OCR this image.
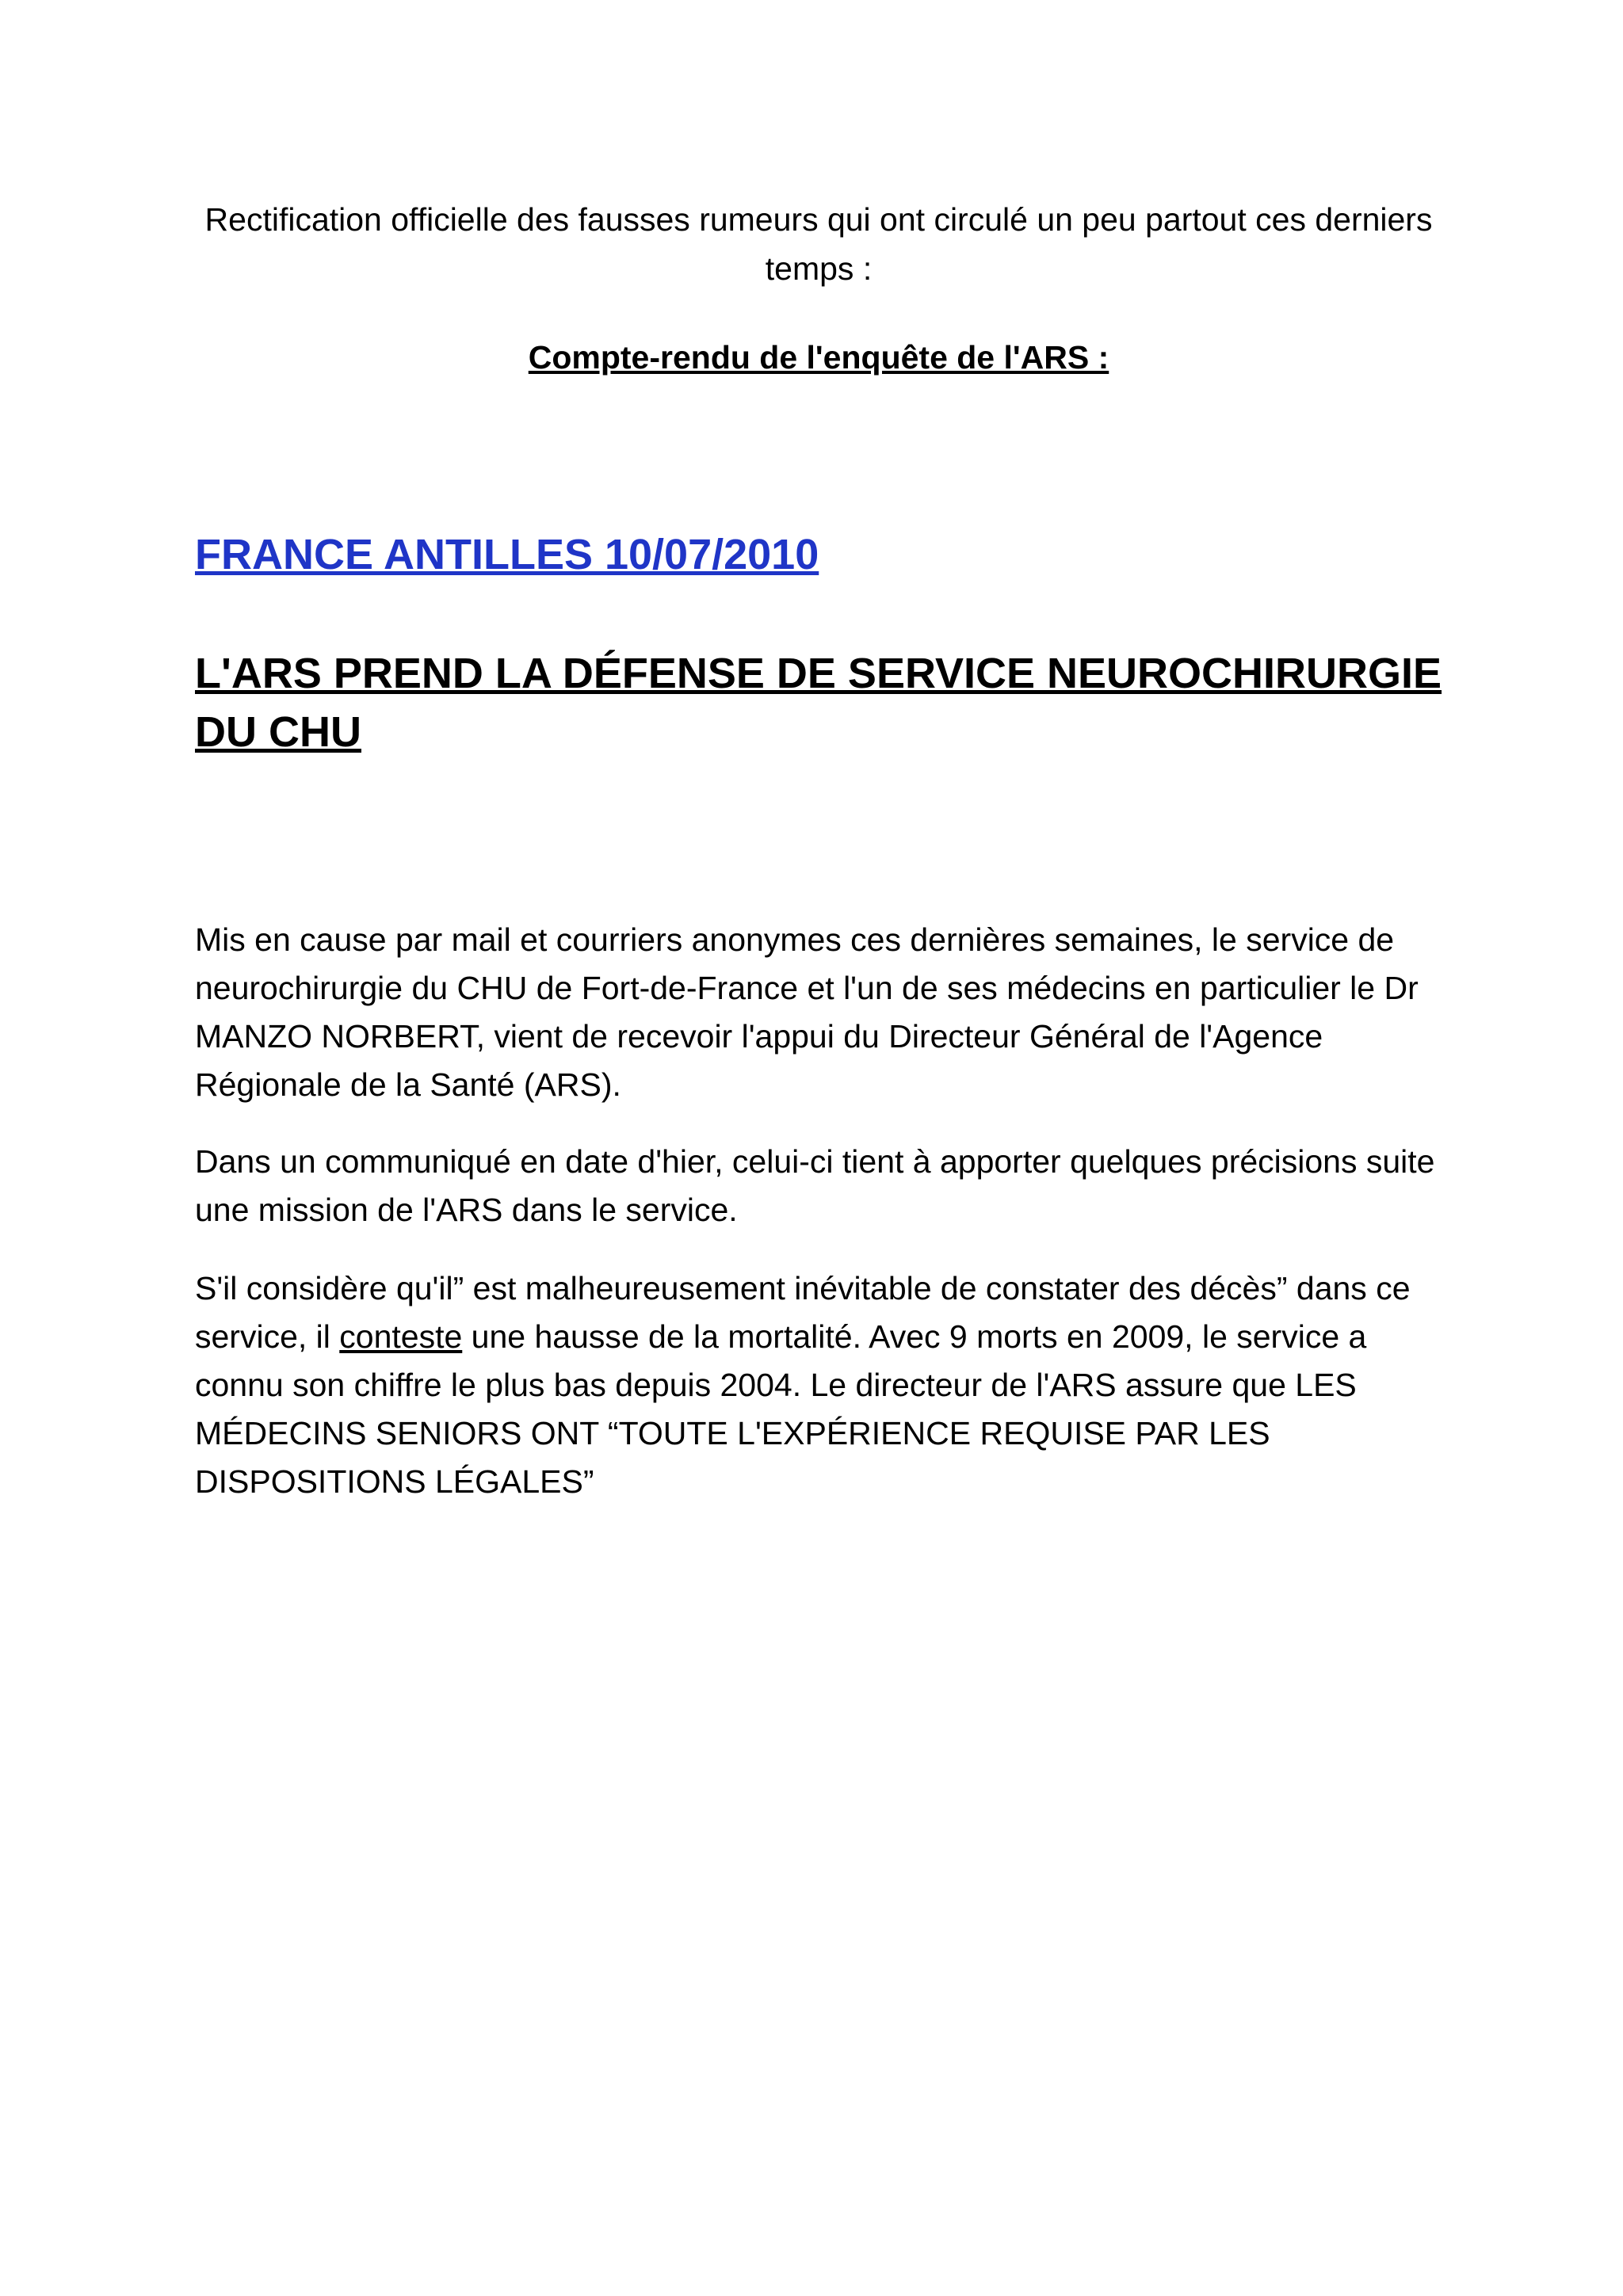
Rectification officielle des fausses rumeurs qui ont circulé un peu partout ces derniers temps :

Compte-rendu de l'enquête de l'ARS :

FRANCE ANTILLES 10/07/2010
L'ARS PREND LA DÉFENSE DE SERVICE NEUROCHIRURGIE DU CHU

Mis en cause par mail et courriers anonymes ces dernières semaines, le service de neurochirurgie du CHU de Fort-de-France et l'un de ses médecins en particulier le Dr MANZO NORBERT, vient de recevoir l'appui du Directeur Général de l'Agence Régionale de la Santé (ARS).

Dans un communiqué en date d'hier, celui-ci tient à apporter quelques précisions suite une mission de l'ARS dans le service.

S'il considère qu'il” est malheureusement inévitable de constater des décès” dans ce service, il conteste une hausse de la mortalité. Avec 9 morts en 2009, le service a connu son chiffre le plus bas depuis 2004. Le directeur de l'ARS assure que LES MÉDECINS SENIORS ONT “TOUTE L'EXPÉRIENCE REQUISE PAR LES DISPOSITIONS LÉGALES”
